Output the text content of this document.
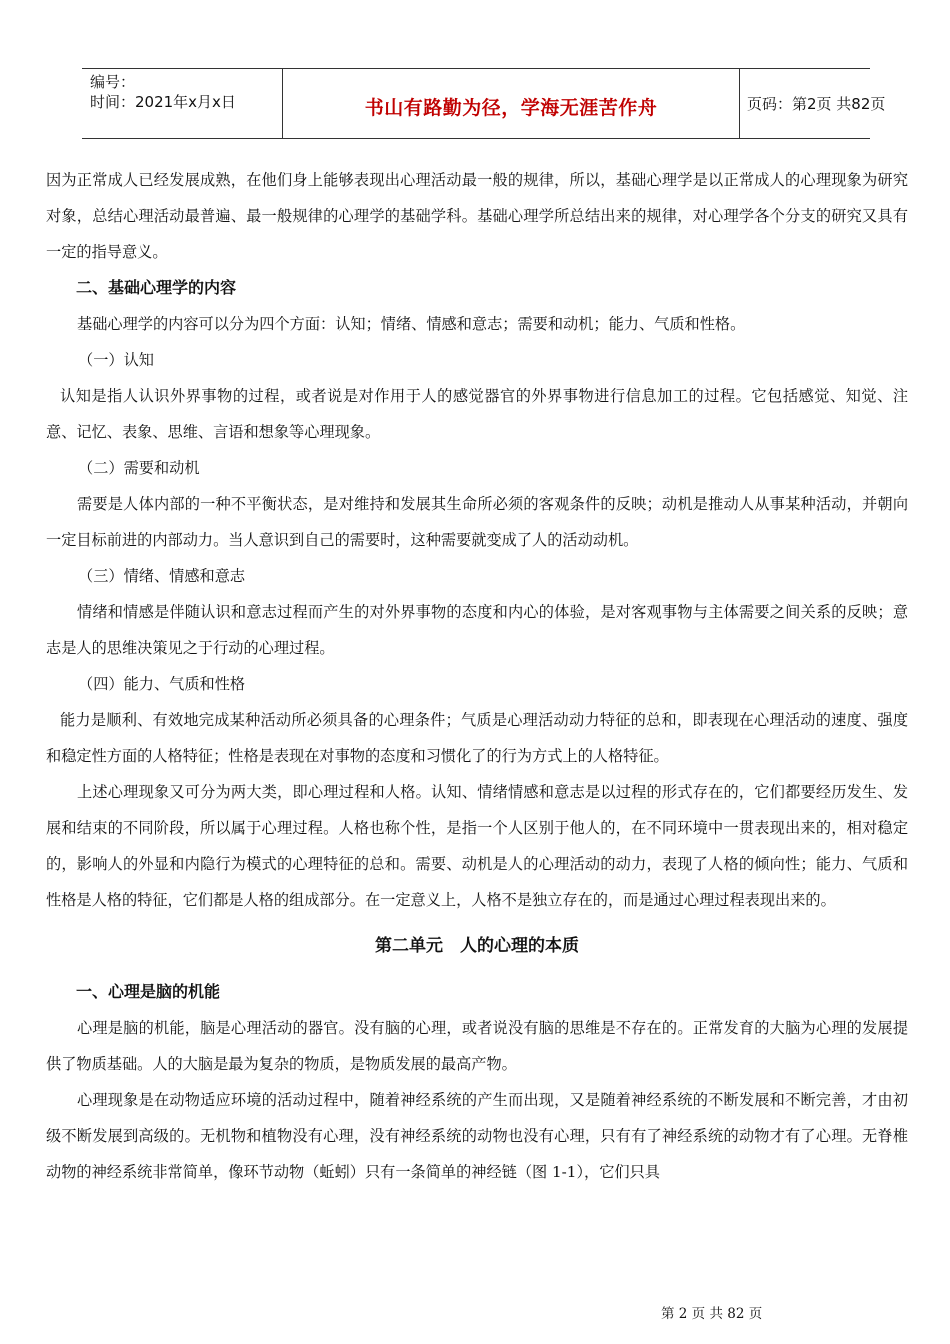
编号：
时间：2021年x月x日	书山有路勤为径，学海无涯苦作舟	页码：第2页 共82页

因为正常成人已经发展成熟，在他们身上能够表现出心理活动最一般的规律，所以，基础心理学是以正常成人的心理现象为研究对象，总结心理活动最普遍、最一般规律的心理学的基础学科。基础心理学所总结出来的规律，对心理学各个分支的研究又具有一定的指导意义。

二、基础心理学的内容

基础心理学的内容可以分为四个方面：认知；情绪、情感和意志；需要和动机；能力、气质和性格。

（一）认知

认知是指人认识外界事物的过程，或者说是对作用于人的感觉器官的外界事物进行信息加工的过程。它包括感觉、知觉、注意、记忆、表象、思维、言语和想象等心理现象。

（二）需要和动机

需要是人体内部的一种不平衡状态，是对维持和发展其生命所必须的客观条件的反映；动机是推动人从事某种活动，并朝向一定目标前进的内部动力。当人意识到自己的需要时，这种需要就变成了人的活动动机。

（三）情绪、情感和意志

情绪和情感是伴随认识和意志过程而产生的对外界事物的态度和内心的体验，是对客观事物与主体需要之间关系的反映；意志是人的思维决策见之于行动的心理过程。

（四）能力、气质和性格

能力是顺利、有效地完成某种活动所必须具备的心理条件；气质是心理活动动力特征的总和，即表现在心理活动的速度、强度和稳定性方面的人格特征；性格是表现在对事物的态度和习惯化了的行为方式上的人格特征。

上述心理现象又可分为两大类，即心理过程和人格。认知、情绪情感和意志是以过程的形式存在的，它们都要经历发生、发展和结束的不同阶段，所以属于心理过程。人格也称个性，是指一个人区别于他人的，在不同环境中一贯表现出来的，相对稳定的，影响人的外显和内隐行为模式的心理特征的总和。需要、动机是人的心理活动的动力，表现了人格的倾向性；能力、气质和性格是人格的特征，它们都是人格的组成部分。在一定意义上，人格不是独立存在的，而是通过心理过程表现出来的。

第二单元　人的心理的本质

一、心理是脑的机能

心理是脑的机能，脑是心理活动的器官。没有脑的心理，或者说没有脑的思维是不存在的。正常发育的大脑为心理的发展提供了物质基础。人的大脑是最为复杂的物质，是物质发展的最高产物。

心理现象是在动物适应环境的活动过程中，随着神经系统的产生而出现，又是随着神经系统的不断发展和不断完善，才由初级不断发展到高级的。无机物和植物没有心理，没有神经系统的动物也没有心理，只有有了神经系统的动物才有了心理。无脊椎动物的神经系统非常简单，像环节动物（蚯蚓）只有一条简单的神经链（图 1-1），它们只具

第 2 页 共 82 页
